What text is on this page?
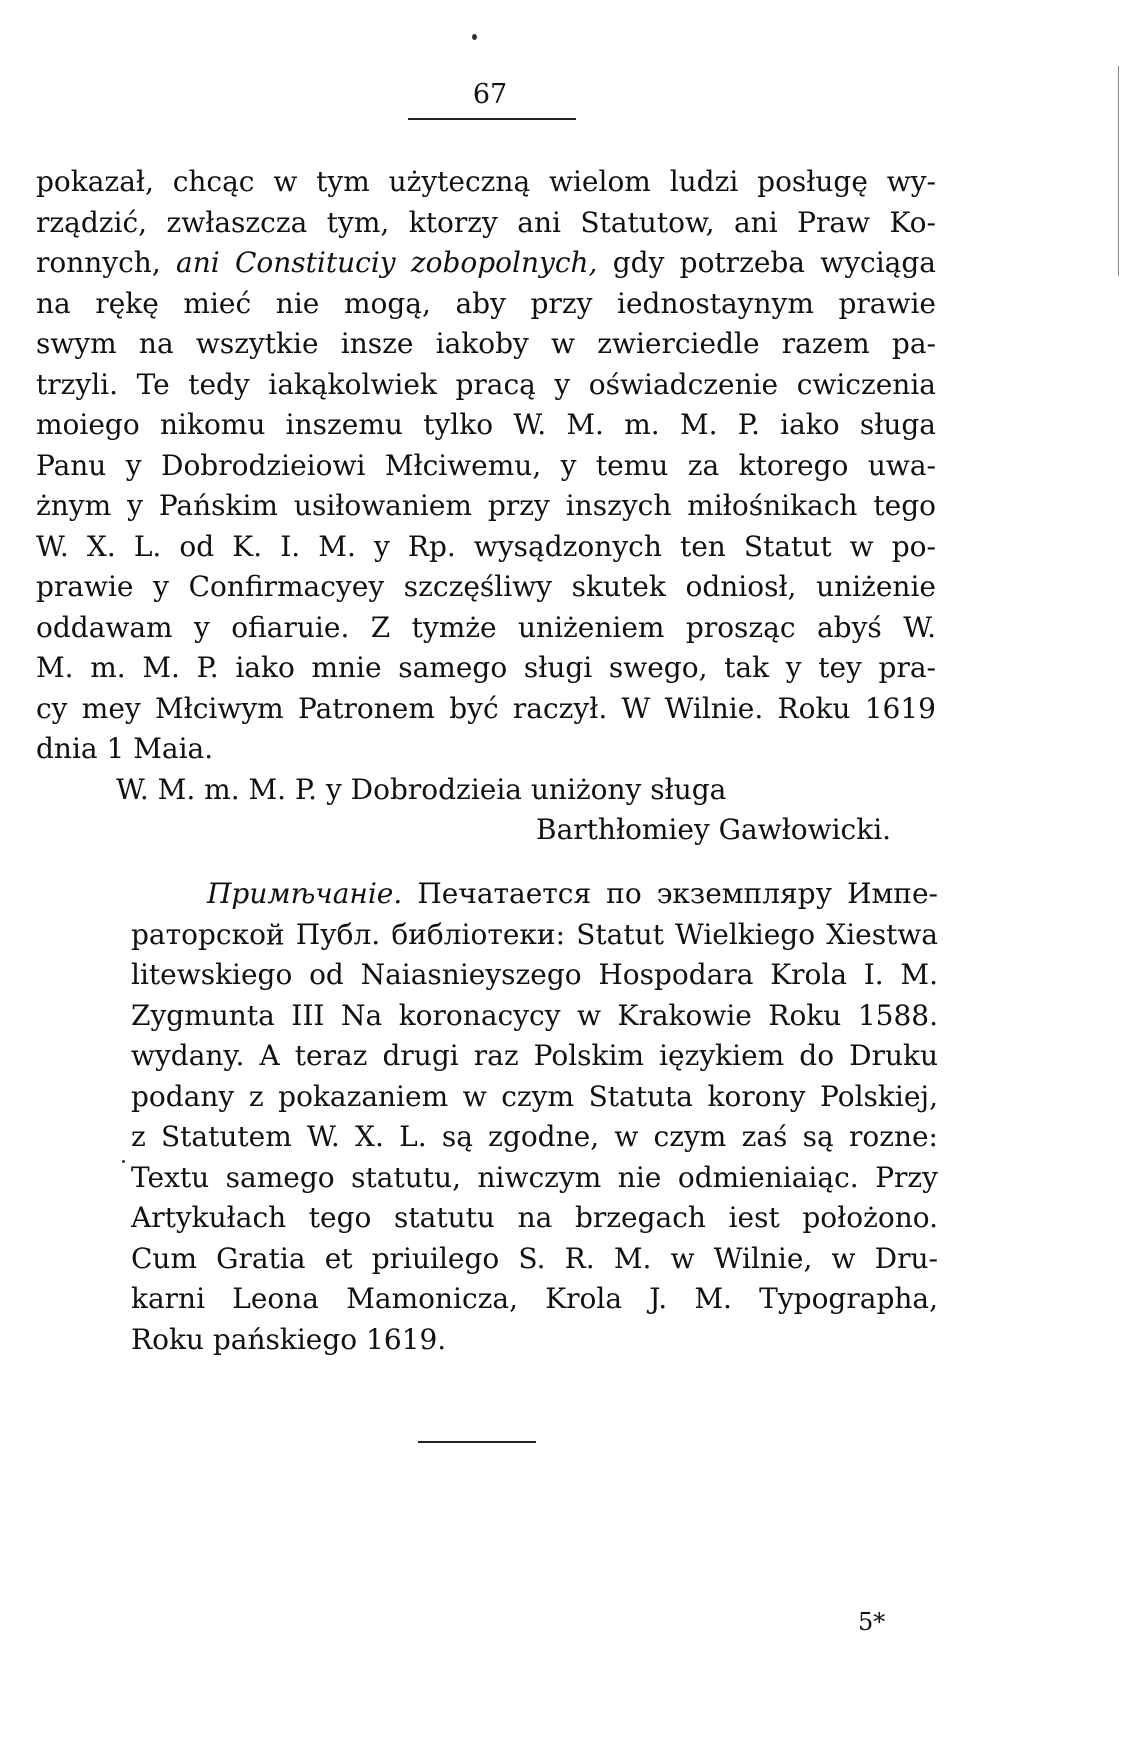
67
pokazał, chcąc w tym użyteczną wielom ludzi posługę wy-
rządzić, zwłaszcza tym, ktorzy ani Statutow, ani Praw Ko-
ronnych, ani Constituciy zobopolnych, gdy potrzeba wyciąga
na rękę mieć nie mogą, aby przy iednostaynym prawie
swym na wszytkie insze iakoby w zwierciedle razem pa-
trzyli. Te tedy iakąkolwiek pracą y oświadczenie cwiczenia
moiego nikomu inszemu tylko W. M. m. M. P. iako sługa
Panu y Dobrodzieiowi Młciwemu, y temu za ktorego uwa-
żnym y Pańskim usiłowaniem przy inszych miłośnikach tego
W. X. L. od K. I. M. y Rp. wysądzonych ten Statut w po-
prawie y Confirmacyey szczęśliwy skutek odniosł, uniżenie
oddawam y ofiaruie. Z tymże uniżeniem prosząc abyś W.
M. m. M. P. iako mnie samego sługi swego, tak y tey pra-
cy mey Młciwym Patronem być raczył. W Wilnie. Roku 1619
dnia 1 Maia.
W. M. m. M. P. y Dobrodzieia uniżony sługa
Barthłomiey Gawłowicki.
Примѣчаніе. Печатается по экземпляру Импе-
раторской Публ. библіотеки: Statut Wielkiego Xiestwa
litewskiego od Naiasnieyszego Hospodara Krola I. M.
Zygmunta III Na koronacycy w Krakowie Roku 1588.
wydany. A teraz drugi raz Polskim ięzykiem do Druku
podany z pokazaniem w czym Statuta korony Polskiej,
z Statutem W. X. L. są zgodne, w czym zaś są rozne:
Textu samego statutu, niwczym nie odmieniaiąc. Przy
Artykułach tego statutu na brzegach iest położono.
Cum Gratia et priuilego S. R. M. w Wilnie, w Dru-
karni Leona Mamonicza, Krola J. M. Typographa,
Roku pańskiego 1619.
5*
